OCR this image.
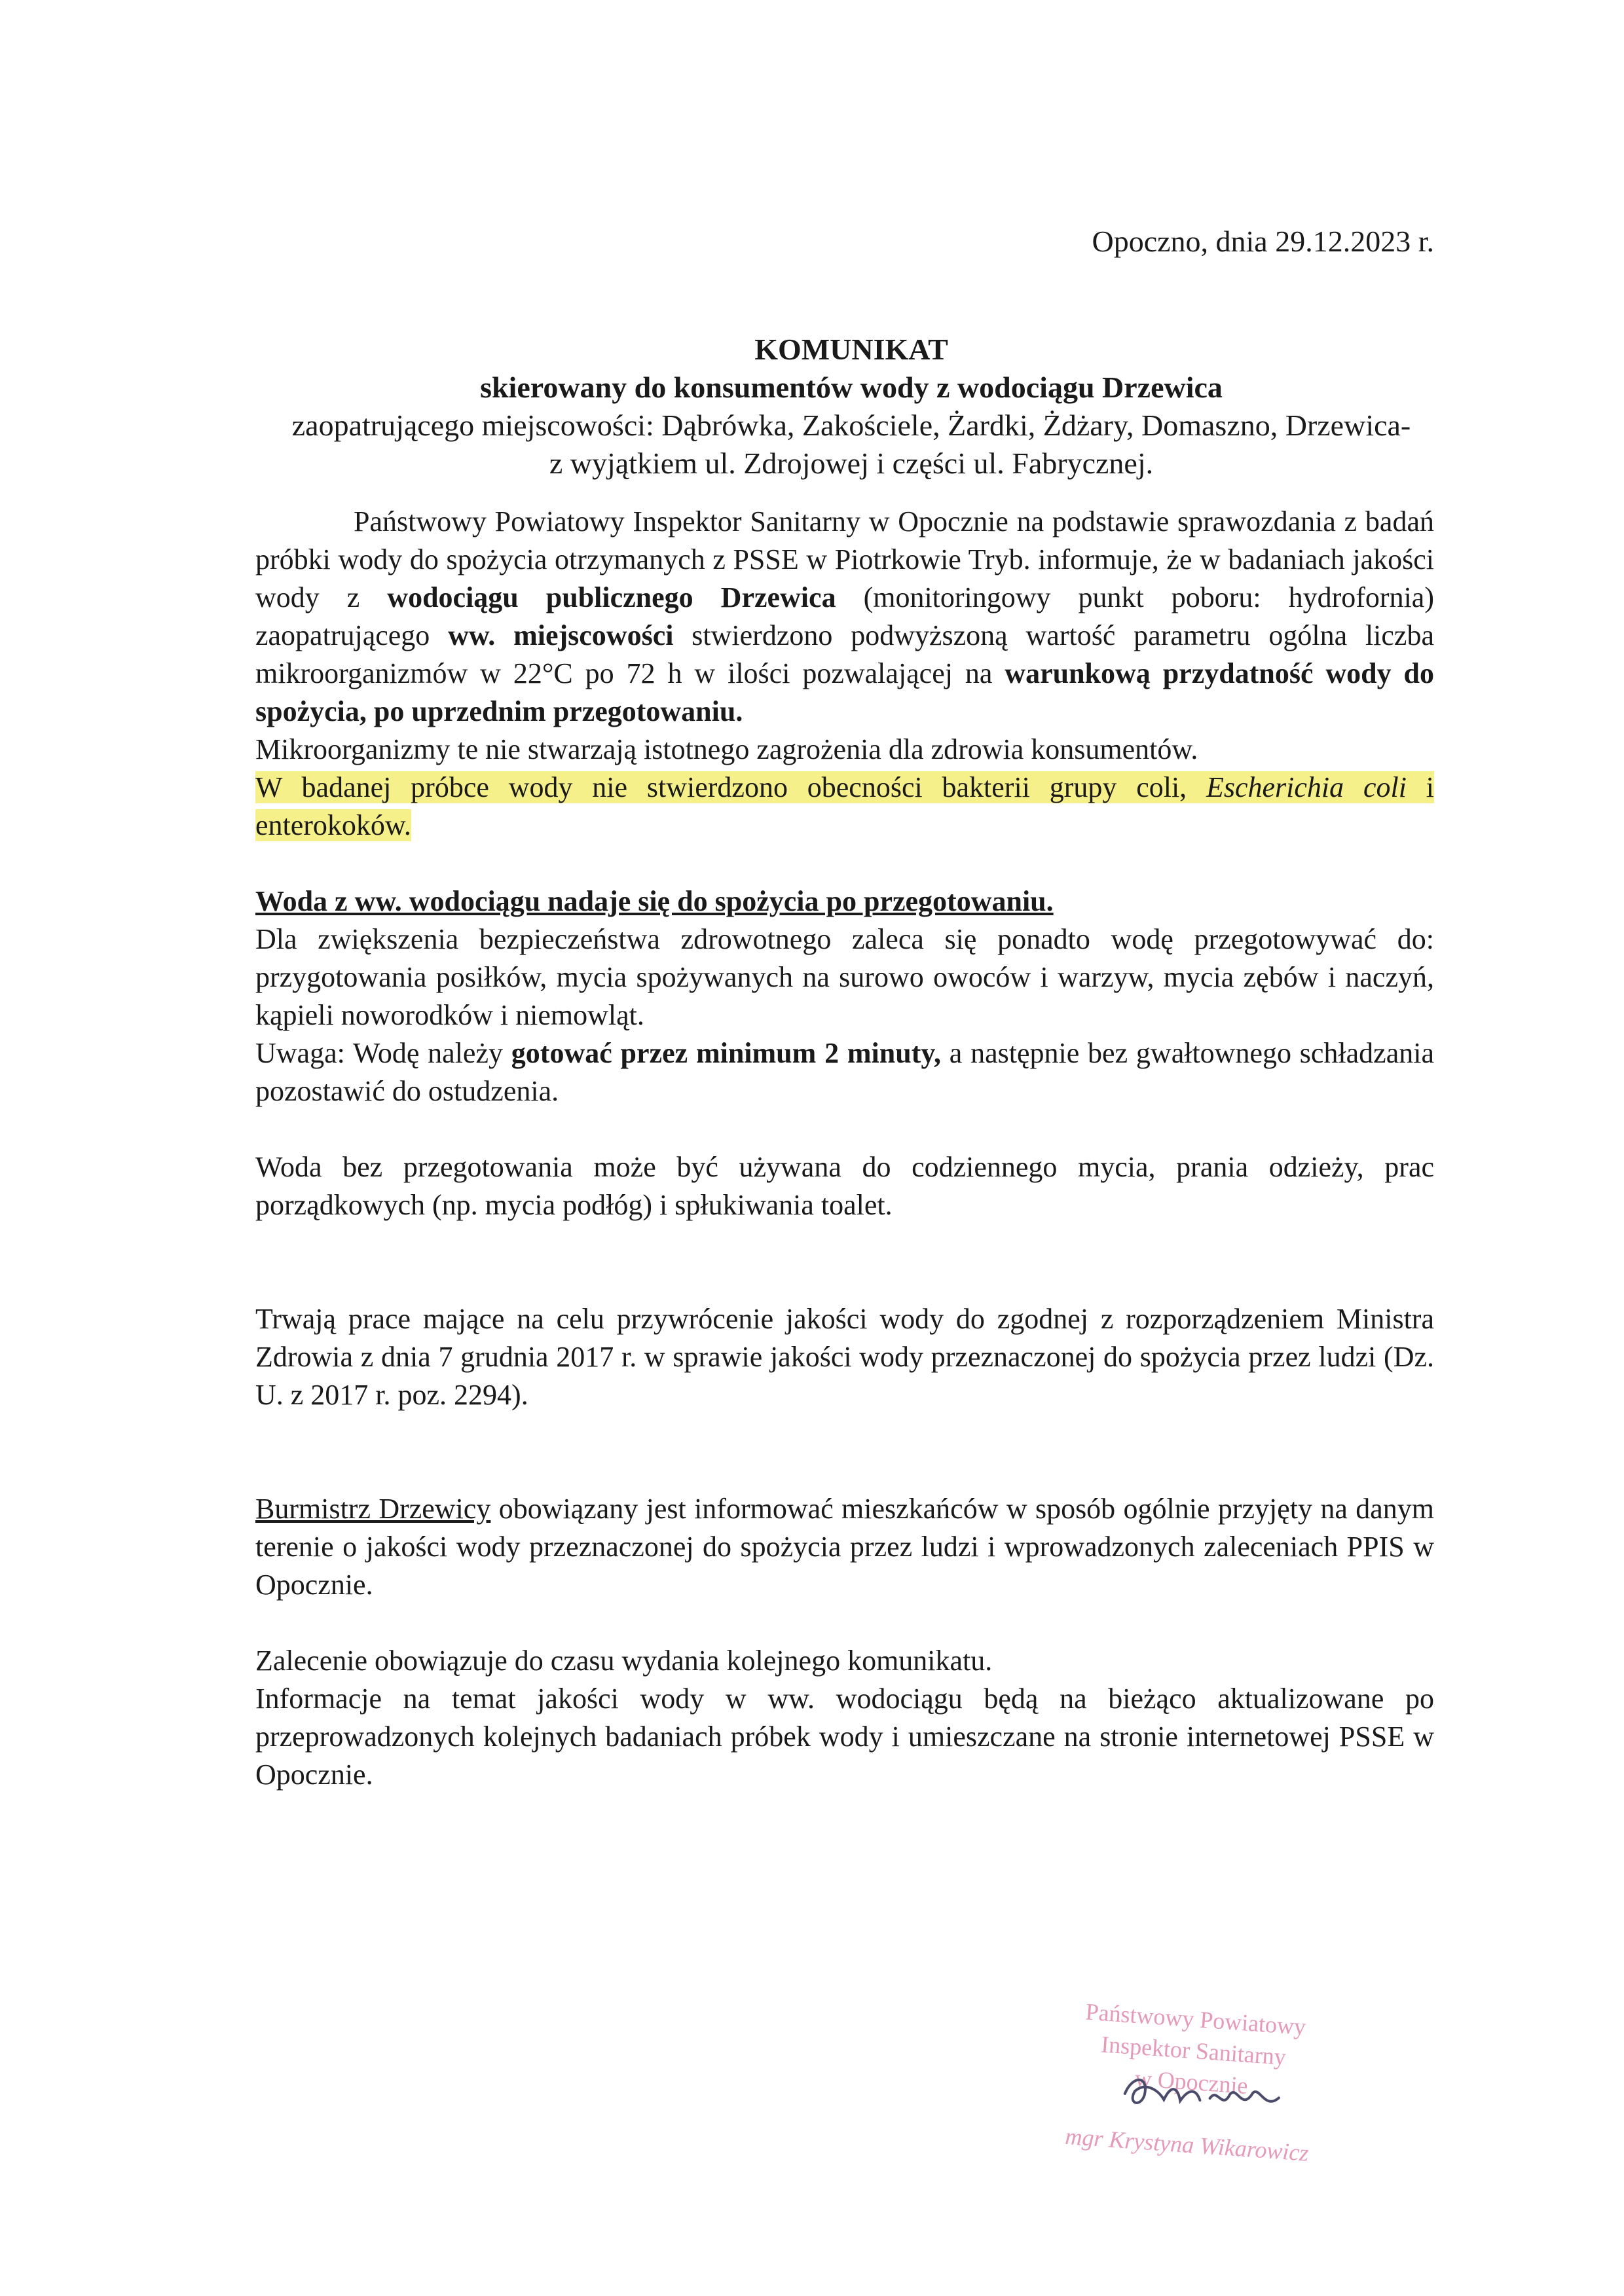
Opoczno, dnia 29.12.2023 r.
KOMUNIKAT
skierowany do konsumentów wody z wodociągu Drzewica
zaopatrującego miejscowości: Dąbrówka, Zakościele, Żardki, Żdżary, Domaszno, Drzewica-
z wyjątkiem ul. Zdrojowej i części ul. Fabrycznej.

Państwowy Powiatowy Inspektor Sanitarny w Opocznie na podstawie sprawozdania z badań próbki wody do spożycia otrzymanych z PSSE w Piotrkowie Tryb. informuje, że w badaniach jakości wody z wodociągu publicznego Drzewica (monitoringowy punkt poboru: hydrofornia) zaopatrującego ww. miejscowości stwierdzono podwyższoną wartość parametru ogólna liczba mikroorganizmów w 22°C po 72 h w ilości pozwalającej na warunkową przydatność wody do spożycia, po uprzednim przegotowaniu.

Mikroorganizmy te nie stwarzają istotnego zagrożenia dla zdrowia konsumentów.

W badanej próbce wody nie stwierdzono obecności bakterii grupy coli, Escherichia coli i enterokoków.

Woda z ww. wodociągu nadaje się do spożycia po przegotowaniu.

Dla zwiększenia bezpieczeństwa zdrowotnego zaleca się ponadto wodę przegotowywać do: przygotowania posiłków, mycia spożywanych na surowo owoców i warzyw, mycia zębów i naczyń, kąpieli noworodków i niemowląt.

Uwaga: Wodę należy gotować przez minimum 2 minuty, a następnie bez gwałtownego schładzania pozostawić do ostudzenia.

Woda bez przegotowania może być używana do codziennego mycia, prania odzieży, prac porządkowych (np. mycia podłóg) i spłukiwania toalet.

Trwają prace mające na celu przywrócenie jakości wody do zgodnej z rozporządzeniem Ministra Zdrowia z dnia 7 grudnia 2017 r. w sprawie jakości wody przeznaczonej do spożycia przez ludzi (Dz. U. z 2017 r. poz. 2294).

Burmistrz Drzewicy obowiązany jest informować mieszkańców w sposób ogólnie przyjęty na danym terenie o jakości wody przeznaczonej do spożycia przez ludzi i wprowadzonych zaleceniach PPIS w Opocznie.

Zalecenie obowiązuje do czasu wydania kolejnego komunikatu.

Informacje na temat jakości wody w ww. wodociągu będą na bieżąco aktualizowane po przeprowadzonych kolejnych badaniach próbek wody i umieszczane na stronie internetowej PSSE w Opocznie.

Państwowy Powiatowy
Inspektor Sanitarny
w Opocznie
mgr Krystyna Wikarowicz
